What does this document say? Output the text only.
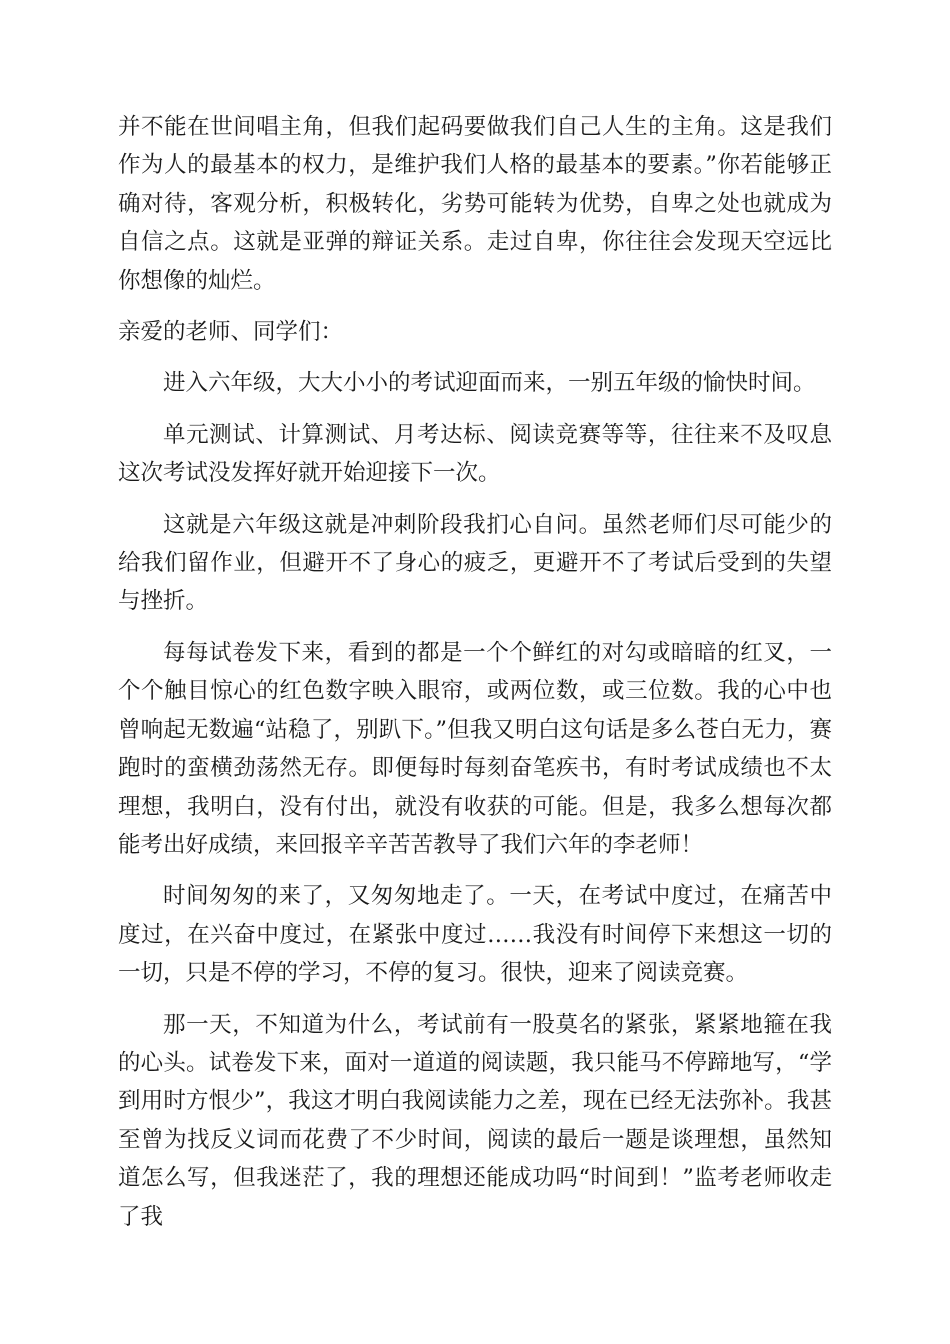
并不能在世间唱主角，但我们起码要做我们自己人生的主角。这是我们作为人的最基本的权力，是维护我们人格的最基本的要素。”你若能够正确对待，客观分析，积极转化，劣势可能转为优势，自卑之处也就成为自信之点。这就是亚弹的辩证关系。走过自卑，你往往会发现天空远比你想像的灿烂。

亲爱的老师、同学们：

进入六年级，大大小小的考试迎面而来，一别五年级的愉快时间。

单元测试、计算测试、月考达标、阅读竞赛等等，往往来不及叹息这次考试没发挥好就开始迎接下一次。

这就是六年级这就是冲刺阶段我扪心自问。虽然老师们尽可能少的给我们留作业，但避开不了身心的疲乏，更避开不了考试后受到的失望与挫折。

每每试卷发下来，看到的都是一个个鲜红的对勾或暗暗的红叉，一个个触目惊心的红色数字映入眼帘，或两位数，或三位数。我的心中也曾响起无数遍“站稳了，别趴下。”但我又明白这句话是多么苍白无力，赛跑时的蛮横劲荡然无存。即便每时每刻奋笔疾书，有时考试成绩也不太理想，我明白，没有付出，就没有收获的可能。但是，我多么想每次都能考出好成绩，来回报辛辛苦苦教导了我们六年的李老师！

时间匆匆的来了，又匆匆地走了。一天，在考试中度过，在痛苦中度过，在兴奋中度过，在紧张中度过……我没有时间停下来想这一切的一切，只是不停的学习，不停的复习。很快，迎来了阅读竞赛。

那一天，不知道为什么，考试前有一股莫名的紧张，紧紧地箍在我的心头。试卷发下来，面对一道道的阅读题，我只能马不停蹄地写，“学到用时方恨少”，我这才明白我阅读能力之差，现在已经无法弥补。我甚至曾为找反义词而花费了不少时间，阅读的最后一题是谈理想，虽然知道怎么写，但我迷茫了，我的理想还能成功吗“时间到！”监考老师收走了我
